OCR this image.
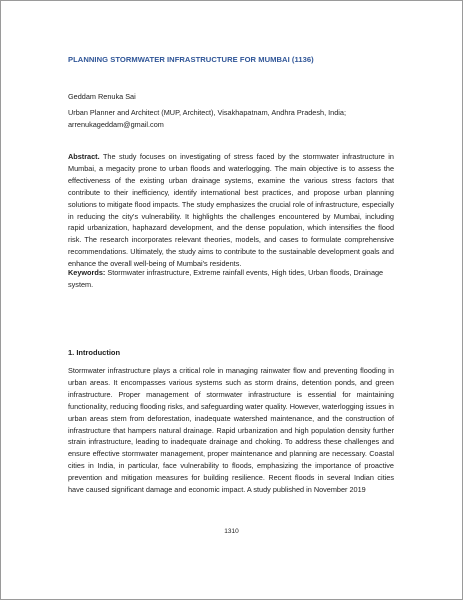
PLANNING STORMWATER INFRASTRUCTURE FOR MUMBAI (1136)
Geddam Renuka Sai
Urban Planner and Architect (MUP, Architect), Visakhapatnam, Andhra Pradesh, India; arrenukageddam@gmail.com
Abstract. The study focuses on investigating of stress faced by the stormwater infrastructure in Mumbai, a megacity prone to urban floods and waterlogging. The main objective is to assess the effectiveness of the existing urban drainage systems, examine the various stress factors that contribute to their inefficiency, identify international best practices, and propose urban planning solutions to mitigate flood impacts. The study emphasizes the crucial role of infrastructure, especially in reducing the city's vulnerability. It highlights the challenges encountered by Mumbai, including rapid urbanization, haphazard development, and the dense population, which intensifies the flood risk. The research incorporates relevant theories, models, and cases to formulate comprehensive recommendations. Ultimately, the study aims to contribute to the sustainable development goals and enhance the overall well-being of Mumbai's residents.
Keywords: Stormwater infrastructure, Extreme rainfall events, High tides, Urban floods, Drainage system.
1. Introduction
Stormwater infrastructure plays a critical role in managing rainwater flow and preventing flooding in urban areas. It encompasses various systems such as storm drains, detention ponds, and green infrastructure. Proper management of stormwater infrastructure is essential for maintaining functionality, reducing flooding risks, and safeguarding water quality. However, waterlogging issues in urban areas stem from deforestation, inadequate watershed maintenance, and the construction of infrastructure that hampers natural drainage. Rapid urbanization and high population density further strain infrastructure, leading to inadequate drainage and choking. To address these challenges and ensure effective stormwater management, proper maintenance and planning are necessary. Coastal cities in India, in particular, face vulnerability to floods, emphasizing the importance of proactive prevention and mitigation measures for building resilience. Recent floods in several Indian cities have caused significant damage and economic impact. A study published in November 2019
1310
